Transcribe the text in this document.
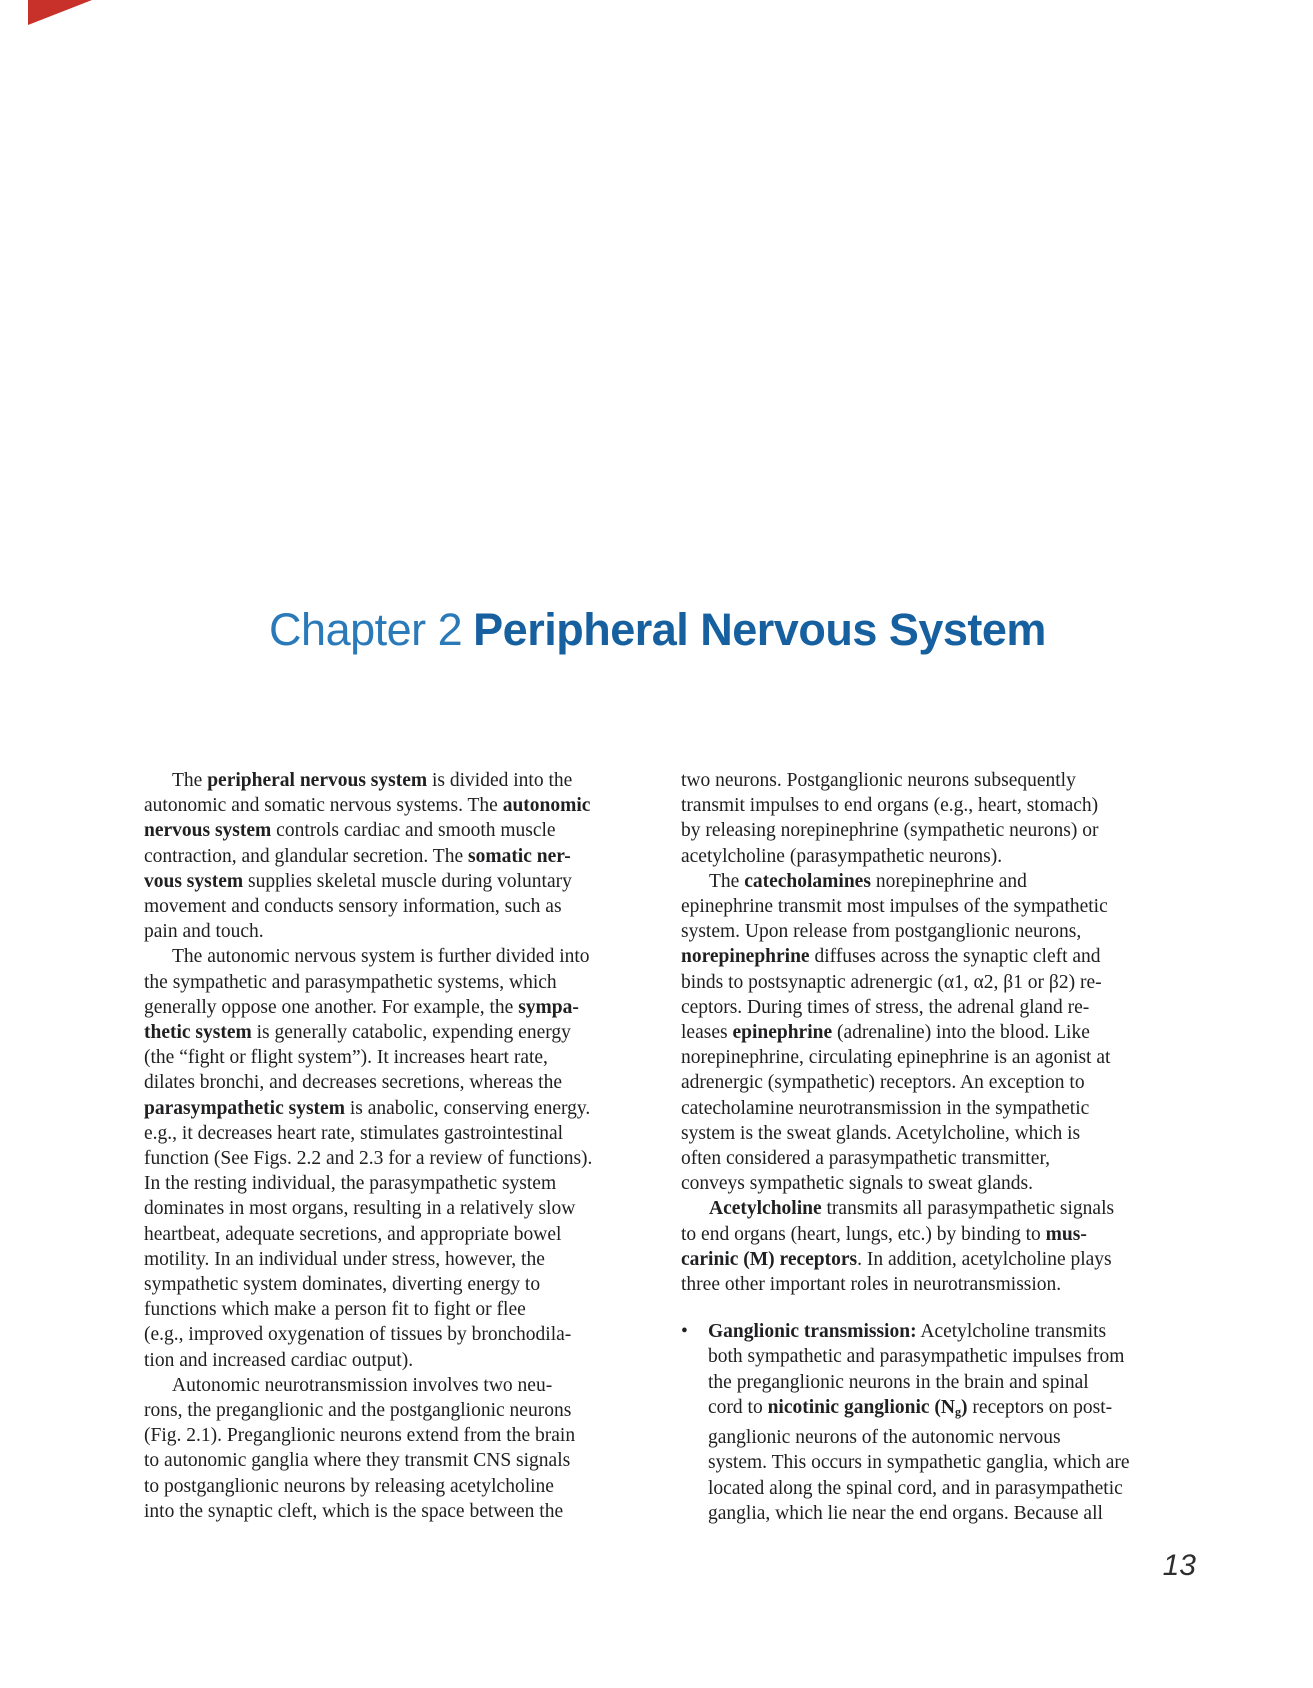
Chapter 2 Peripheral Nervous System
The peripheral nervous system is divided into the
autonomic and somatic nervous systems. The autonomic
nervous system controls cardiac and smooth muscle
contraction, and glandular secretion. The somatic ner-
vous system supplies skeletal muscle during voluntary
movement and conducts sensory information, such as
pain and touch.
The autonomic nervous system is further divided into
the sympathetic and parasympathetic systems, which
generally oppose one another. For example, the sympa-
thetic system is generally catabolic, expending energy
(the “fight or flight system”). It increases heart rate,
dilates bronchi, and decreases secretions, whereas the
parasympathetic system is anabolic, conserving energy.
e.g., it decreases heart rate, stimulates gastrointestinal
function (See Figs. 2.2 and 2.3 for a review of functions).
In the resting individual, the parasympathetic system
dominates in most organs, resulting in a relatively slow
heartbeat, adequate secretions, and appropriate bowel
motility. In an individual under stress, however, the
sympathetic system dominates, diverting energy to
functions which make a person fit to fight or flee
(e.g., improved oxygenation of tissues by bronchodila-
tion and increased cardiac output).
Autonomic neurotransmission involves two neu-
rons, the preganglionic and the postganglionic neurons
(Fig. 2.1). Preganglionic neurons extend from the brain
to autonomic ganglia where they transmit CNS signals
to postganglionic neurons by releasing acetylcholine
into the synaptic cleft, which is the space between the
two neurons. Postganglionic neurons subsequently
transmit impulses to end organs (e.g., heart, stomach)
by releasing norepinephrine (sympathetic neurons) or
acetylcholine (parasympathetic neurons).
The catecholamines norepinephrine and
epinephrine transmit most impulses of the sympathetic
system. Upon release from postganglionic neurons,
norepinephrine diffuses across the synaptic cleft and
binds to postsynaptic adrenergic (α1, α2, β1 or β2) re-
ceptors. During times of stress, the adrenal gland re-
leases epinephrine (adrenaline) into the blood. Like
norepinephrine, circulating epinephrine is an agonist at
adrenergic (sympathetic) receptors. An exception to
catecholamine neurotransmission in the sympathetic
system is the sweat glands. Acetylcholine, which is
often considered a parasympathetic transmitter,
conveys sympathetic signals to sweat glands.
Acetylcholine transmits all parasympathetic signals
to end organs (heart, lungs, etc.) by binding to mus-
carinic (M) receptors. In addition, acetylcholine plays
three other important roles in neurotransmission.
• Ganglionic transmission: Acetylcholine transmits
both sympathetic and parasympathetic impulses from
the preganglionic neurons in the brain and spinal
cord to nicotinic ganglionic $(N_g)$ receptors on post-
ganglionic neurons of the autonomic nervous
system. This occurs in sympathetic ganglia, which are
located along the spinal cord, and in parasympathetic
ganglia, which lie near the end organs. Because all
13
